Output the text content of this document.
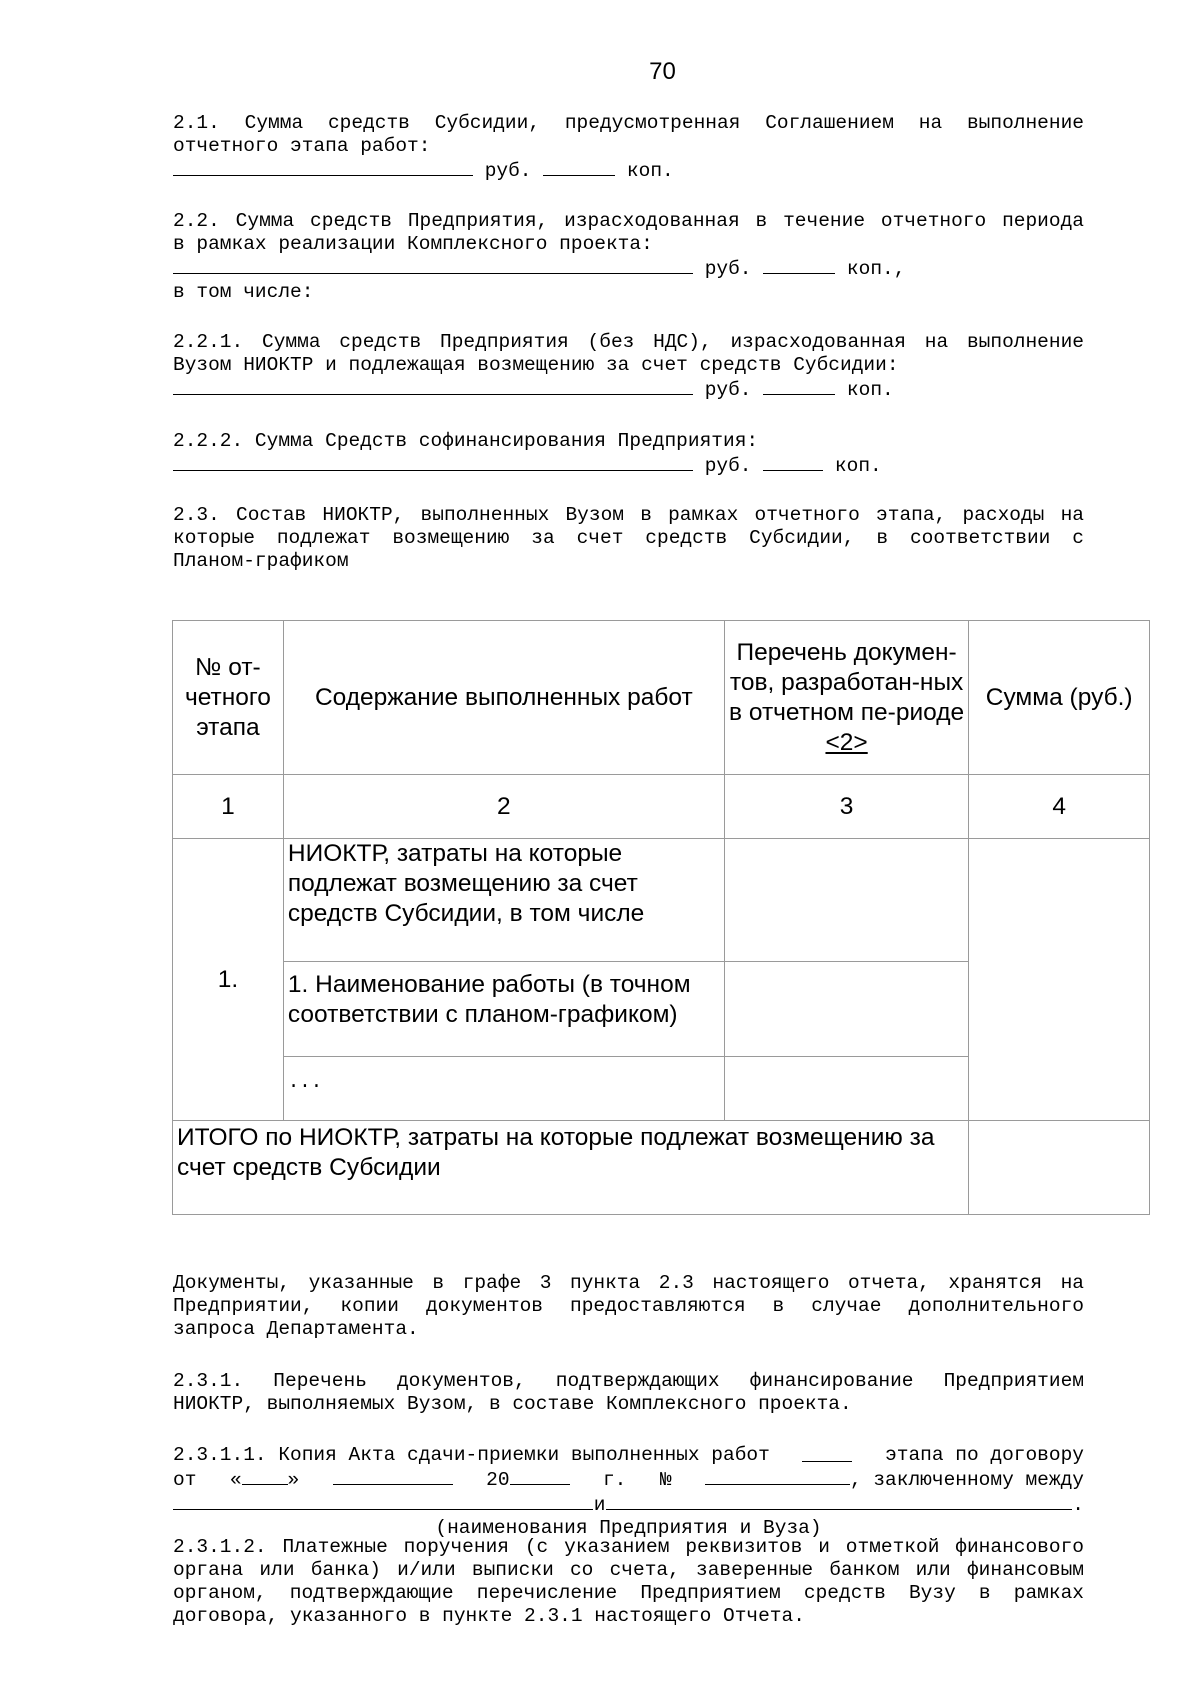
70
2.1. Сумма средств Субсидии, предусмотренная Соглашением на выполнение
отчетного этапа работ:
руб.	коп.
2.2. Сумма средств Предприятия, израсходованная в течение отчетного периода
в рамках реализации Комплексного проекта:
руб.	коп.,
в том числе:
2.2.1. Сумма средств Предприятия (без НДС), израсходованная на выполнение
Вузом НИОКТР и подлежащая возмещению за счет средств Субсидии:
руб.	коп.
2.2.2. Сумма Средств софинансирования Предприятия:
руб.	коп.
2.3. Состав НИОКТР, выполненных Вузом в рамках отчетного этапа, расходы на
которые подлежат возмещению за счет средств Субсидии, в соответствии с
Планом-графиком
№ от-четного этапа	Содержание выполненных работ	Перечень докумен-тов, разработан-ных в отчетном пе-риоде <2>	Сумма (руб.)
1	2	3	4
1.	НИОКТР, затраты на которые подлежат возмещению за счет средств Субсидии, в том числе		
	1. Наименование работы (в точном соответствии с планом-графиком)		
	...		
ИТОГО по НИОКТР, затраты на которые подлежат возмещению за счет средств Субсидии			
Документы, указанные в графе 3 пункта 2.3 настоящего отчета, хранятся на
Предприятии, копии документов предоставляются в случае дополнительного
запроса Департамента.
2.3.1. Перечень документов, подтверждающих финансирование Предприятием
НИОКТР, выполняемых Вузом, в составе Комплексного проекта.
2.3.1.1. Копия Акта сдачи-приемки выполненных работ	этапа по договору
от « »	20	г. №	, заключенному между
и	.
(наименования Предприятия и Вуза)
2.3.1.2. Платежные поручения (с указанием реквизитов и отметкой финансового
органа или банка) и/или выписки со счета, заверенные банком или финансовым
органом, подтверждающие перечисление Предприятием средств Вузу в рамках
договора, указанного в пункте 2.3.1 настоящего Отчета.
